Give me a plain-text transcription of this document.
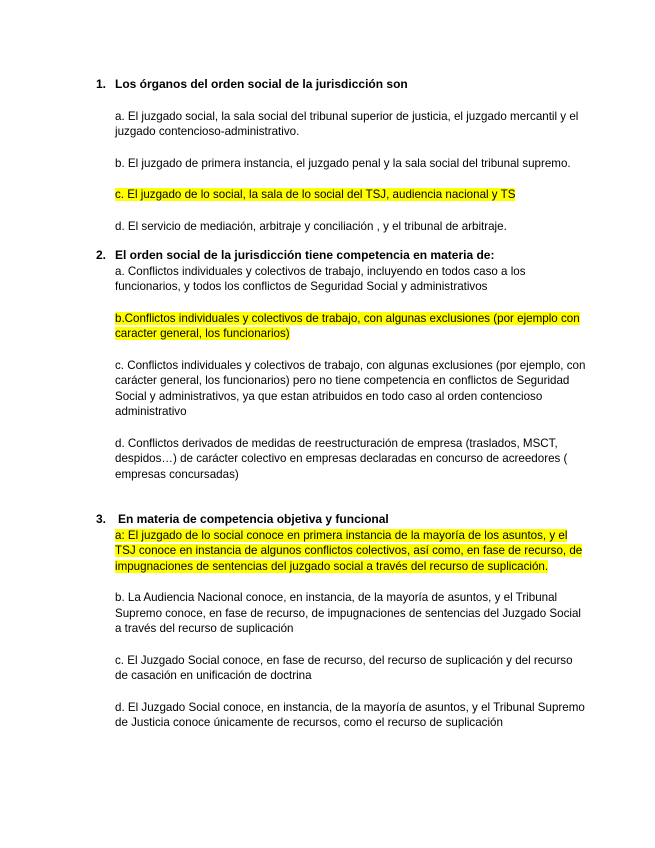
1. Los órganos del orden social de la jurisdicción son

a. El juzgado social, la sala social del tribunal superior de justicia, el juzgado mercantil y el juzgado contencioso-administrativo.

b. El juzgado de primera instancia, el juzgado penal y la sala social del tribunal supremo.

c. El juzgado de lo social, la sala de lo social del TSJ, audiencia nacional y TS

d. El servicio de mediación, arbitraje y conciliación , y el tribunal de arbitraje.

2. El orden social de la jurisdicción tiene competencia en materia de:

a. Conflictos individuales y colectivos de trabajo, incluyendo en todos caso a los funcionarios, y todos los conflictos de Seguridad Social y administrativos

b.Conflictos individuales y colectivos de trabajo, con algunas exclusiones (por ejemplo con caracter general, los funcionarios)

c. Conflictos individuales y colectivos de trabajo, con algunas exclusiones (por ejemplo, con carácter general, los funcionarios) pero no tiene competencia en conflictos de Seguridad Social y administrativos, ya que estan atribuidos en todo caso al orden contencioso administrativo

d. Conflictos derivados de medidas de reestructuración de empresa (traslados, MSCT, despidos…) de carácter colectivo en empresas declaradas en concurso de acreedores ( empresas concursadas)

3. En materia de competencia objetiva y funcional

a: El juzgado de lo social conoce en primera instancia de la mayoría de los asuntos, y el TSJ conoce en instancia de algunos conflictos colectivos, así como, en fase de recurso, de impugnaciones de sentencias del juzgado social a través del recurso de suplicación.

b. La Audiencia Nacional conoce, en instancia, de la mayoría de asuntos, y el Tribunal Supremo conoce, en fase de recurso, de impugnaciones de sentencias del Juzgado Social a través del recurso de suplicación

c. El Juzgado Social conoce, en fase de recurso, del recurso de suplicación y del recurso de casación en unificación de doctrina

d. El Juzgado Social conoce, en instancia, de la mayoría de asuntos, y el Tribunal Supremo de Justicia conoce únicamente de recursos, como el recurso de suplicación
